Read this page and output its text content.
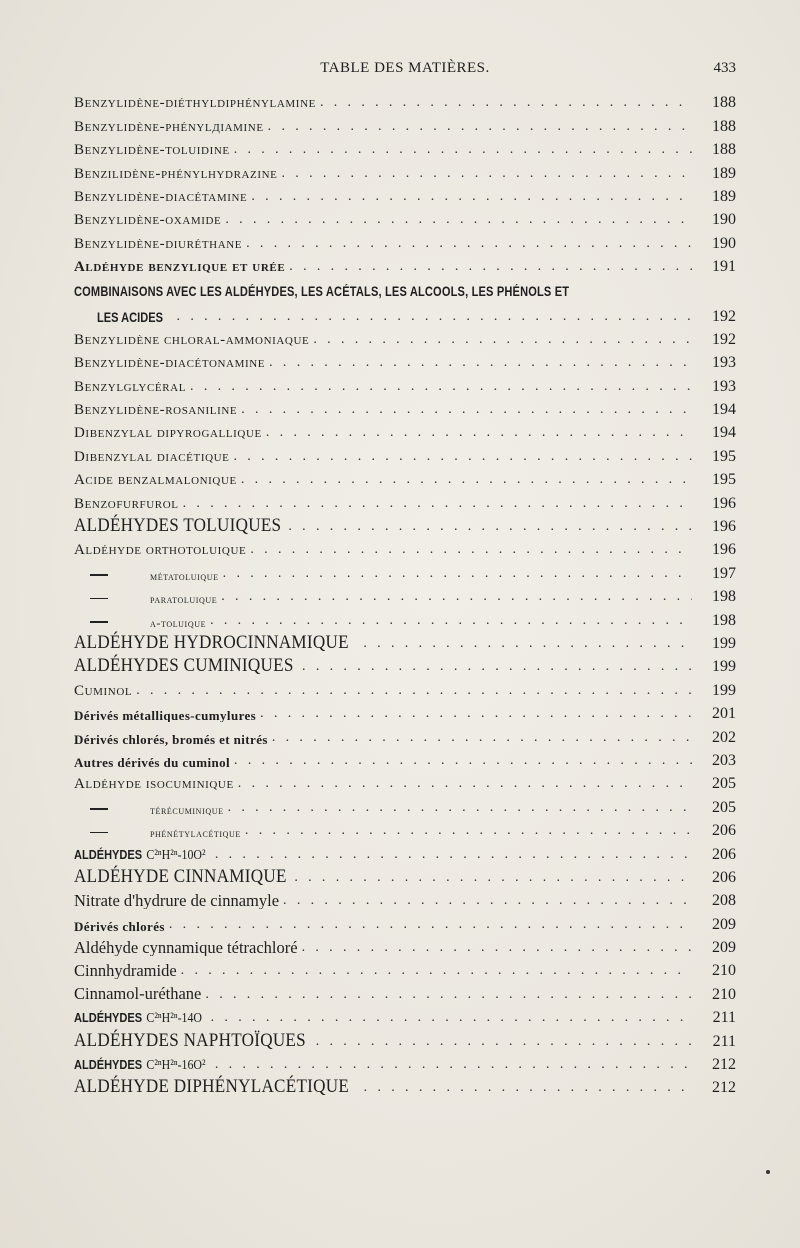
TABLE DES MATIÈRES.	433
Benzylidène-diéthyldiphénylamine . . .	188
Benzylidène-phénylдiamine . . .	188
Benzylidène-toluidine . . .	188
Benzilidène-phénylhydrazine . . .	189
Benzylidène-diacétamine . . .	189
Benzylidène-oxamide . . .	190
Benzylidène-diuréthane . . .	190
Aldéhyde benzylique et urée . . .	191
COMBINAISONS AVEC LES ALDÉHYDES, LES ACÉTALS, LES ALCOOLS, LES PHÉNOLS ET
LES ACIDES . . .	192
Benzylidène chloral-ammoniaque . . .	192
Benzylidène-diacétonamine . . .	193
Benzylglycéral . . .	193
Benzylidène-rosaniline . . .	194
Dibenzylal dipyrogallique . . .	194
Dibenzylal diacétique . . .	195
Acide benzalmalonique . . .	195
Benzofurfurol . . .	196
ALDÉHYDES TOLUIQUES . . .	196
Aldéhyde orthotoluique . . .	196
métatoluique . . .	197
paratoluique . . .	198
α-toluique . . .	198
ALDÉHYDE HYDROCINNAMIQUE . . .	199
ALDÉHYDES CUMINIQUES . . .	199
Cuminol . . .	199
Dérivés métalliques-cumylures . . .	201
Dérivés chlorés, bromés et nitrés . . .	202
Autres dérivés du cuminol . . .	203
Aldéhyde isocuminique . . .	205
térécuminique . . .	205
phénétylacétique . . .	206
ALDÉHYDES C²ⁿH²ⁿ-10O² . . .	206
ALDÉHYDE CINNAMIQUE . . .	206
Nitrate d'hydrure de cinnamyle . . .	208
Dérivés chlorés . . .	209
Aldéhyde cynnamique tétrachloré . . .	209
Cinnhydramide . . .	210
Cinnamol-uréthane . . .	210
ALDÉHYDES C²ⁿH²ⁿ-14O . . .	211
ALDÉHYDES NAPHTOÏQUES . . .	211
ALDÉHYDES C²ⁿH²ⁿ-16O² . . .	212
ALDÉHYDE DIPHÉNYLACÉTIQUE . . .	212
